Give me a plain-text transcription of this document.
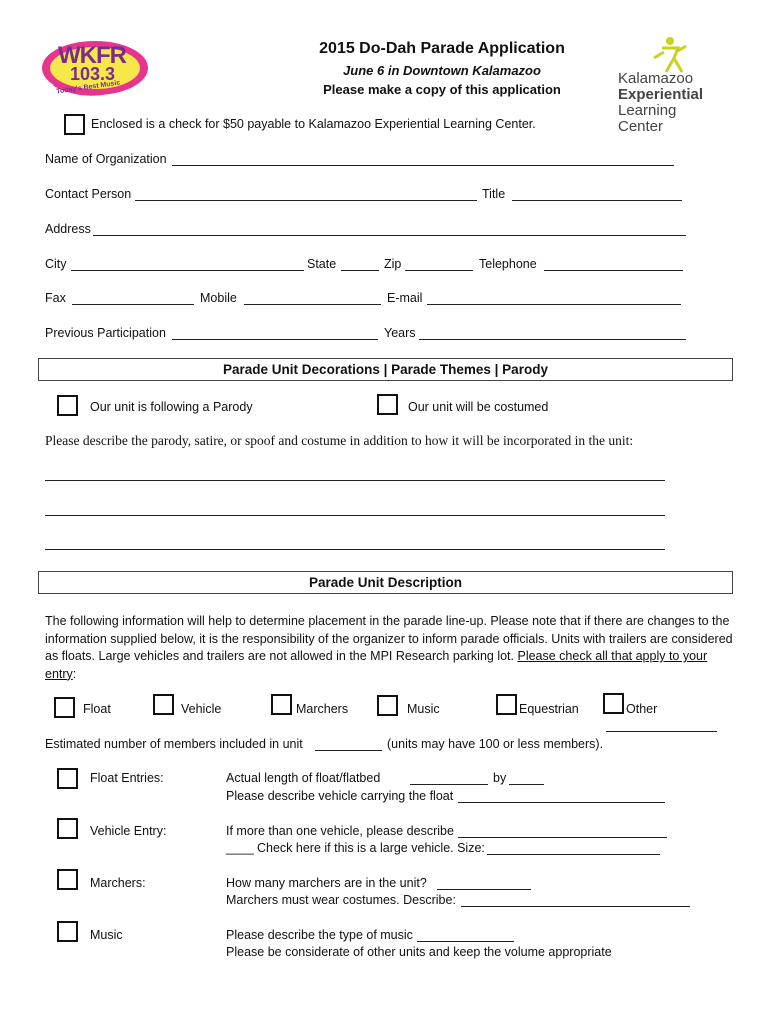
WKFR
103.3
Today's Best Music
2015 Do-Dah Parade Application
June 6 in Downtown Kalamazoo
Please make a copy of this application
Kalamazoo
Experiential
Learning
Center
Enclosed is a check for $50 payable to Kalamazoo Experiential Learning Center.
Name of Organization
Contact Person	Title
Address
City	State	Zip	Telephone
Fax	Mobile	E-mail
Previous Participation	Years
Parade Unit Decorations | Parade Themes | Parody
Our unit is following a Parody	Our unit will be costumed
Please describe the parody, satire, or spoof and costume in addition to how it will be incorporated in the unit:
Parade Unit Description
The following information will help to determine placement in the parade line-up. Please note that if there are changes to the information supplied below, it is the responsibility of the organizer to inform parade officials. Units with trailers are considered as floats. Large vehicles and trailers are not allowed in the MPI Research parking lot. Please check all that apply to your entry:
Float	Vehicle	Marchers	Music	Equestrian	Other
Estimated number of members included in unit	(units may have 100 or less members).
Float Entries:	Actual length of float/flatbed	by
Please describe vehicle carrying the float
Vehicle Entry:	If more than one vehicle, please describe
____ Check here if this is a large vehicle. Size:
Marchers:	How many marchers are in the unit?
Marchers must wear costumes. Describe:
Music	Please describe the type of music
Please be considerate of other units and keep the volume appropriate
